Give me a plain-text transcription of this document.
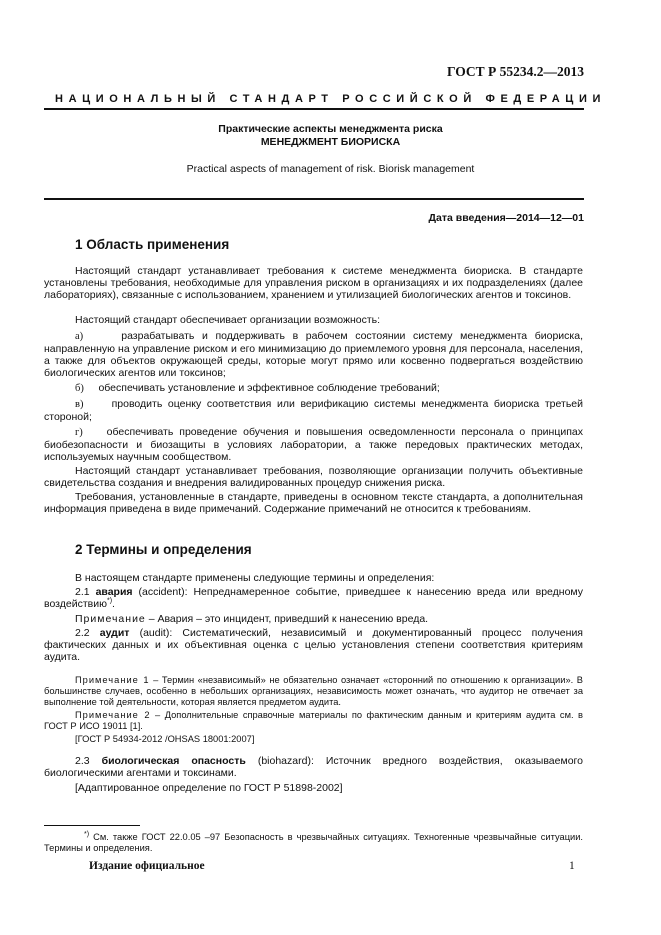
ГОСТ Р 55234.2—2013
НАЦИОНАЛЬНЫЙ СТАНДАРТ РОССИЙСКОЙ ФЕДЕРАЦИИ
Практические аспекты менеджмента риска
МЕНЕДЖМЕНТ БИОРИСКА
Practical aspects of management of risk. Biorisk management
Дата введения—2014—12—01
1 Область применения

Настоящий стандарт устанавливает требования к системе менеджмента биориска. В стандарте установлены требования, необходимые для управления риском в организациях и их подразделениях (далее лабораториях), связанные с использованием, хранением и утилизацией биологических агентов и токсинов.

Настоящий стандарт обеспечивает организации возможность:

а)	разрабатывать и поддерживать в рабочем состоянии систему менеджмента биориска, направленную на управление риском и его минимизацию до приемлемого уровня для персонала, населения, а также для объектов окружающей среды, которые могут прямо или косвенно подвергаться воздействию биологических агентов или токсинов;

б) обеспечивать установление и эффективное соблюдение требований;

в)	проводить оценку соответствия или верификацию системы менеджмента биориска третьей стороной;

г) обеспечивать проведение обучения и повышения осведомленности персонала о принципах биобезопасности и биозащиты в условиях лаборатории, а также передовых практических методах, используемых научным сообществом.

Настоящий стандарт устанавливает требования, позволяющие организации получить объективные свидетельства создания и внедрения валидированных процедур снижения риска.

Требования, установленные в стандарте, приведены в основном тексте стандарта, а дополнительная информация приведена в виде примечаний. Содержание примечаний не относится к требованиям.

2 Термины и определения

В настоящем стандарте применены следующие термины и определения:

2.1 авария (accident): Непреднамеренное событие, приведшее к нанесению вреда или вредному воздействию*).

Примечание – Авария – это инцидент, приведший к нанесению вреда.

2.2 аудит (audit): Систематический, независимый и документированный процесс получения фактических данных и их объективная оценка с целью установления степени соответствия критериям аудита.

Примечание 1 – Термин «независимый» не обязательно означает «сторонний по отношению к организации». В большинстве случаев, особенно в небольших организациях, независимость может означать, что аудитор не отвечает за выполнение той деятельности, которая является предметом аудита.

Примечание 2 – Дополнительные справочные материалы по фактическим данным и критериям аудита см. в ГОСТ Р ИСО 19011 [1].

[ГОСТ Р 54934-2012 /OHSAS 18001:2007]

2.3 биологическая опасность (biohazard): Источник вредного воздействия, оказываемого биологическими агентами и токсинами.

[Адаптированное определение по ГОСТ Р 51898-2002]

*) См. также ГОСТ 22.0.05 –97 Безопасность в чрезвычайных ситуациях. Техногенные чрезвычайные ситуации. Термины и определения.

Издание официальное	1
